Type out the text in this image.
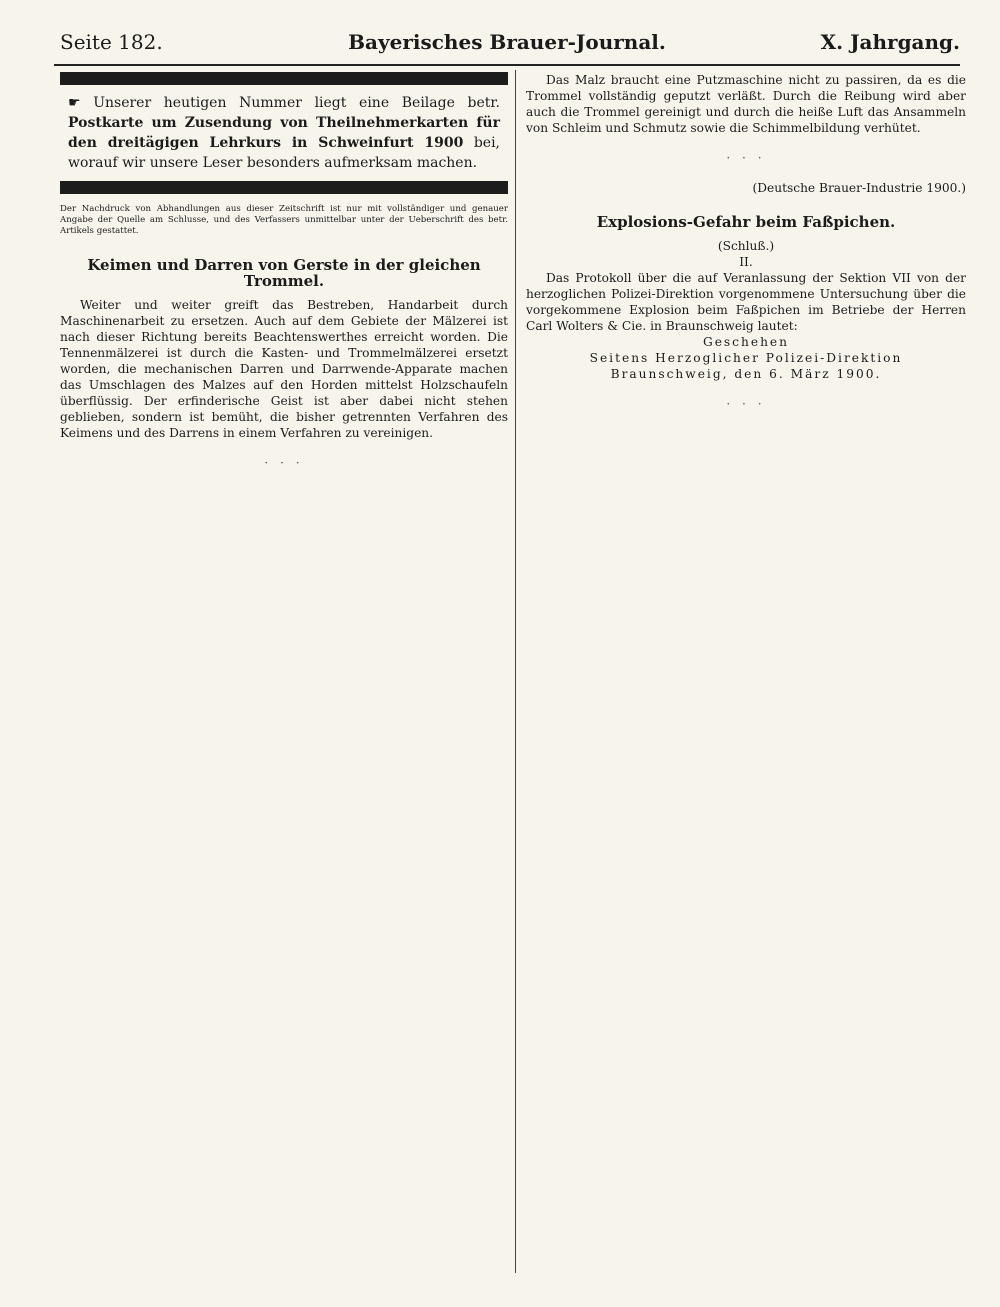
Seite 182.	Bayerisches Brauer-Journal.	X. Jahrgang.
☛ Unserer heutigen Nummer liegt eine Beilage betr. Postkarte um Zusendung von Theilnehmerkarten für den dreitägigen Lehrkurs in Schweinfurt 1900 bei, worauf wir unsere Leser besonders aufmerksam machen.
Der Nachdruck von Abhandlungen aus dieser Zeitschrift ist nur mit vollständiger und genauer Angabe der Quelle am Schlusse, und des Verfassers unmittelbar unter der Ueberschrift des betr. Artikels gestattet.
Keimen und Darren von Gerste in der gleichen Trommel.

Weiter und weiter greift das Bestreben, Handarbeit durch Maschinenarbeit zu ersetzen. Auch auf dem Gebiete der Mälzerei ist nach dieser Richtung bereits Beachtenswerthes erreicht worden. Die Tennenmälzerei ist durch die Kasten- und Trommelmälzerei ersetzt worden, die mechanischen Darren und Darrwende-Apparate machen das Umschlagen des Malzes auf den Horden mittelst Holzschaufeln überflüssig. Der erfinderische Geist ist aber dabei nicht stehen geblieben, sondern ist bemüht, die bisher getrennten Verfahren des Keimens und des Darrens in einem Verfahren zu vereinigen.

· · ·

Das Malz braucht eine Putzmaschine nicht zu passiren, da es die Trommel vollständig geputzt verläßt. Durch die Reibung wird aber auch die Trommel gereinigt und durch die heiße Luft das Ansammeln von Schleim und Schmutz sowie die Schimmelbildung verhütet.

· · ·

(Deutsche Brauer-Industrie 1900.)

Explosions-Gefahr beim Faßpichen.

(Schluß.)

II.

Das Protokoll über die auf Veranlassung der Sektion VII von der herzoglichen Polizei-Direktion vorgenommene Untersuchung über die vorgekommene Explosion beim Faßpichen im Betriebe der Herren Carl Wolters & Cie. in Braunschweig lautet:

Geschehen

Seitens Herzoglicher Polizei-Direktion

Braunschweig, den 6. März 1900.

· · ·
